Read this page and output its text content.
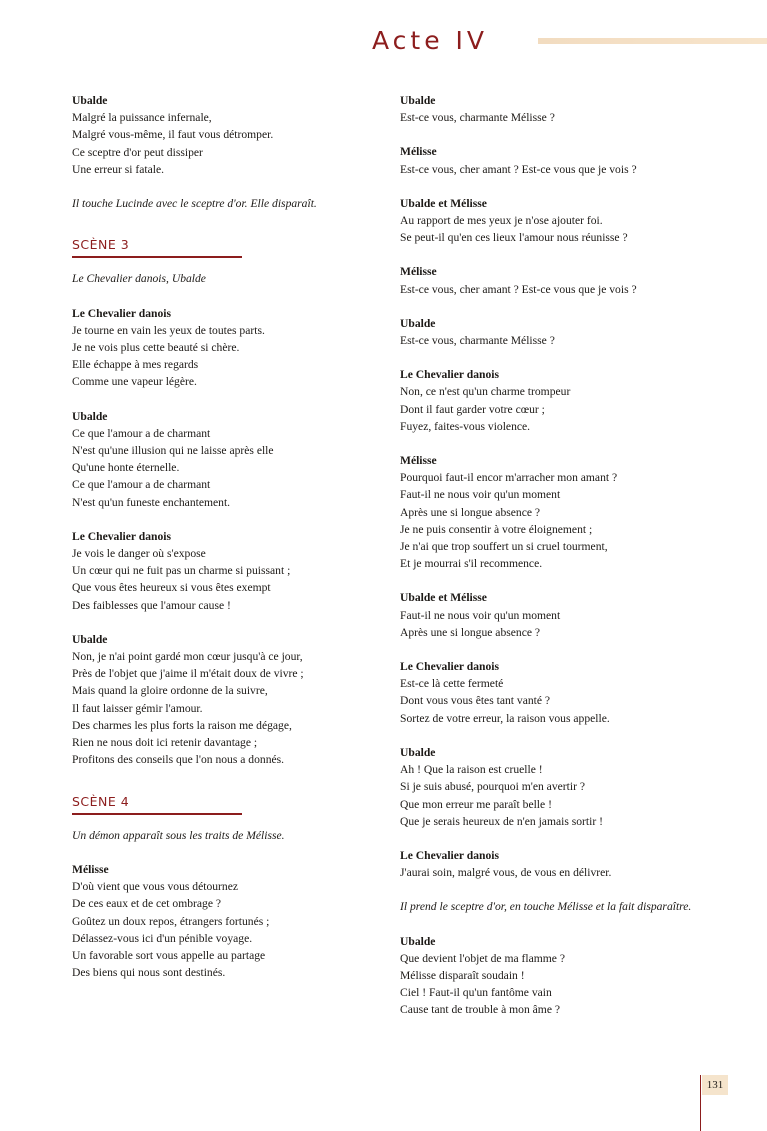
Acte IV
Ubalde
Malgré la puissance infernale,
Malgré vous-même, il faut vous détromper.
Ce sceptre d'or peut dissiper
Une erreur si fatale.
Il touche Lucinde avec le sceptre d'or. Elle disparaît.
SCÈNE 3
Le Chevalier danois, Ubalde
Le Chevalier danois
Je tourne en vain les yeux de toutes parts.
Je ne vois plus cette beauté si chère.
Elle échappe à mes regards
Comme une vapeur légère.
Ubalde
Ce que l'amour a de charmant
N'est qu'une illusion qui ne laisse après elle
Qu'une honte éternelle.
Ce que l'amour a de charmant
N'est qu'un funeste enchantement.
Le Chevalier danois
Je vois le danger où s'expose
Un cœur qui ne fuit pas un charme si puissant ;
Que vous êtes heureux si vous êtes exempt
Des faiblesses que l'amour cause !
Ubalde
Non, je n'ai point gardé mon cœur jusqu'à ce jour,
Près de l'objet que j'aime il m'était doux de vivre ;
Mais quand la gloire ordonne de la suivre,
Il faut laisser gémir l'amour.
Des charmes les plus forts la raison me dégage,
Rien ne nous doit ici retenir davantage ;
Profitons des conseils que l'on nous a donnés.
SCÈNE 4
Un démon apparaît sous les traits de Mélisse.
Mélisse
D'où vient que vous vous détournez
De ces eaux et de cet ombrage ?
Goûtez un doux repos, étrangers fortunés ;
Délassez-vous ici d'un pénible voyage.
Un favorable sort vous appelle au partage
Des biens qui nous sont destinés.
Ubalde
Est-ce vous, charmante Mélisse ?
Mélisse
Est-ce vous, cher amant ? Est-ce vous que je vois ?
Ubalde et Mélisse
Au rapport de mes yeux je n'ose ajouter foi.
Se peut-il qu'en ces lieux l'amour nous réunisse ?
Mélisse
Est-ce vous, cher amant ? Est-ce vous que je vois ?
Ubalde
Est-ce vous, charmante Mélisse ?
Le Chevalier danois
Non, ce n'est qu'un charme trompeur
Dont il faut garder votre cœur ;
Fuyez, faites-vous violence.
Mélisse
Pourquoi faut-il encor m'arracher mon amant ?
Faut-il ne nous voir qu'un moment
Après une si longue absence ?
Je ne puis consentir à votre éloignement ;
Je n'ai que trop souffert un si cruel tourment,
Et je mourrai s'il recommence.
Ubalde et Mélisse
Faut-il ne nous voir qu'un moment
Après une si longue absence ?
Le Chevalier danois
Est-ce là cette fermeté
Dont vous vous êtes tant vanté ?
Sortez de votre erreur, la raison vous appelle.
Ubalde
Ah ! Que la raison est cruelle !
Si je suis abusé, pourquoi m'en avertir ?
Que mon erreur me paraît belle !
Que je serais heureux de n'en jamais sortir !
Le Chevalier danois
J'aurai soin, malgré vous, de vous en délivrer.
Il prend le sceptre d'or, en touche Mélisse et la fait disparaître.
Ubalde
Que devient l'objet de ma flamme ?
Mélisse disparaît soudain !
Ciel ! Faut-il qu'un fantôme vain
Cause tant de trouble à mon âme ?
131
